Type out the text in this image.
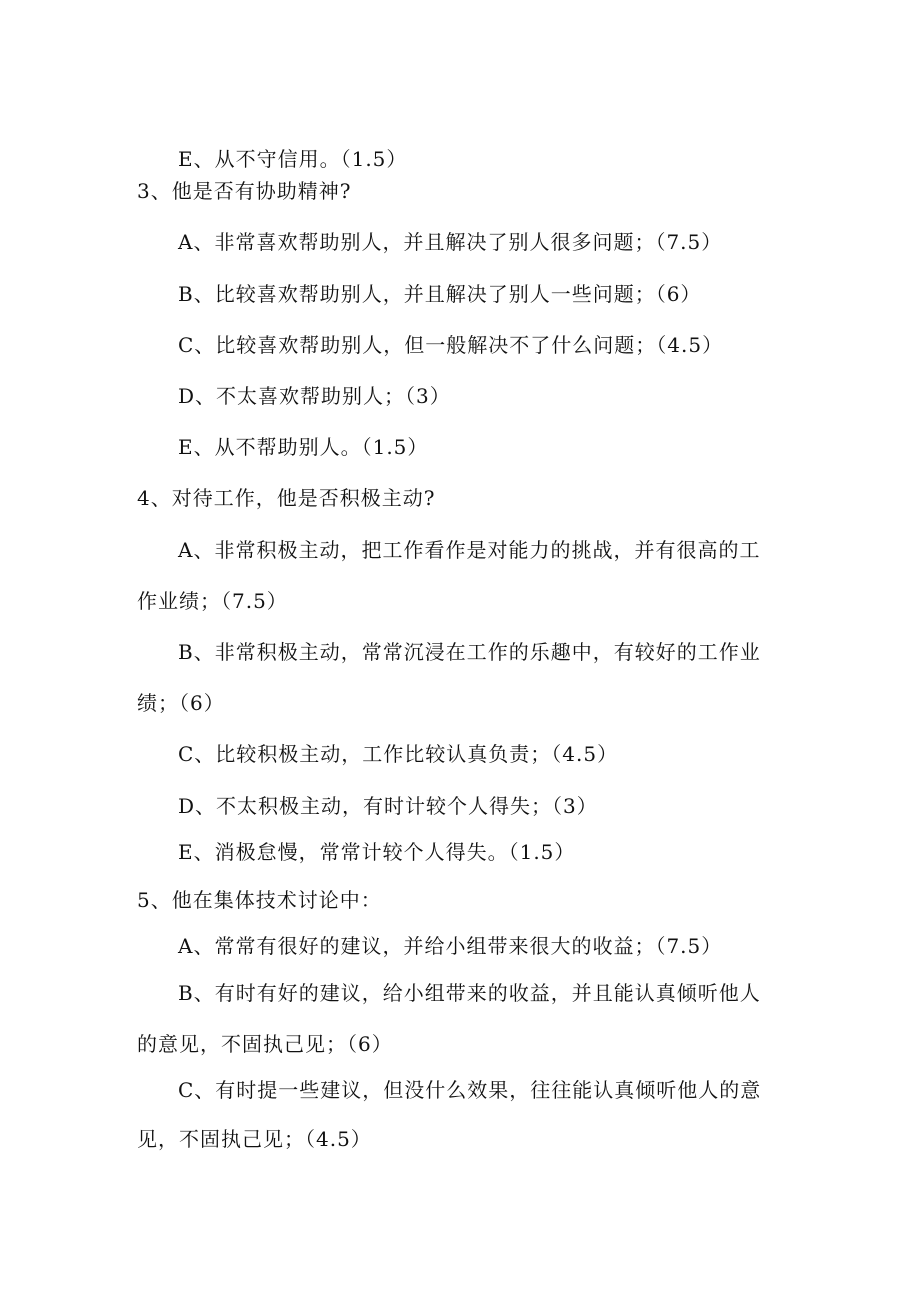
E、从不守信用。（1.5）
3、他是否有协助精神?
A、非常喜欢帮助别人，并且解决了别人很多问题；（7.5）
B、比较喜欢帮助别人，并且解决了别人一些问题；（6）
C、比较喜欢帮助别人，但一般解决不了什么问题；（4.5）
D、不太喜欢帮助别人；（3）
E、从不帮助别人。（1.5）
4、对待工作，他是否积极主动?
A、非常积极主动，把工作看作是对能力的挑战，并有很高的工
作业绩；（7.5）
B、非常积极主动，常常沉浸在工作的乐趣中，有较好的工作业
绩；（6）
C、比较积极主动，工作比较认真负责；（4.5）
D、不太积极主动，有时计较个人得失；（3）
E、消极怠慢，常常计较个人得失。（1.5）
5、他在集体技术讨论中：
A、常常有很好的建议，并给小组带来很大的收益；（7.5）
B、有时有好的建议，给小组带来的收益，并且能认真倾听他人
的意见，不固执己见；（6）
C、有时提一些建议，但没什么效果，往往能认真倾听他人的意
见，不固执己见；（4.5）
